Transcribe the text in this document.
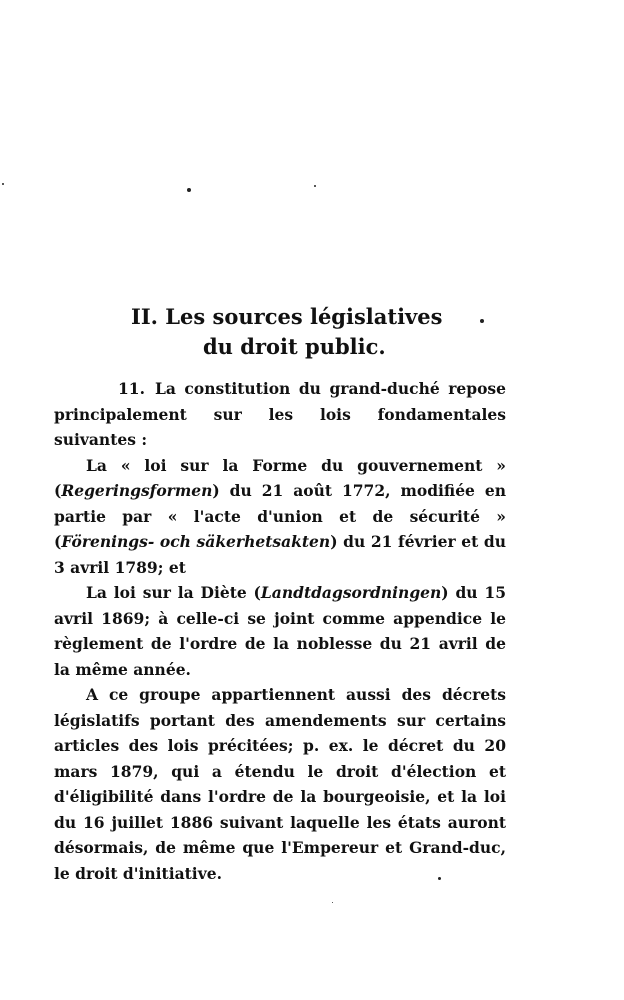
II. Les sources législatives
du droit public.

11. La constitution du grand-duché repose principalement sur les lois fondamentales suivantes :

La « loi sur la Forme du gouvernement » (Regeringsformen) du 21 août 1772, modifiée en partie par « l'acte d'union et de sécurité » (Förenings- och säkerhetsakten) du 21 février et du 3 avril 1789; et

La loi sur la Diète (Landtdagsordningen) du 15 avril 1869; à celle-ci se joint comme appendice le règlement de l'ordre de la noblesse du 21 avril de la même année.

A ce groupe appartiennent aussi des décrets législatifs portant des amendements sur certains articles des lois précitées; p. ex. le décret du 20 mars 1879, qui a étendu le droit d'élection et d'éligibilité dans l'ordre de la bourgeoisie, et la loi du 16 juillet 1886 suivant laquelle les états auront désormais, de même que l'Empereur et Grand-duc, le droit d'initiative.
